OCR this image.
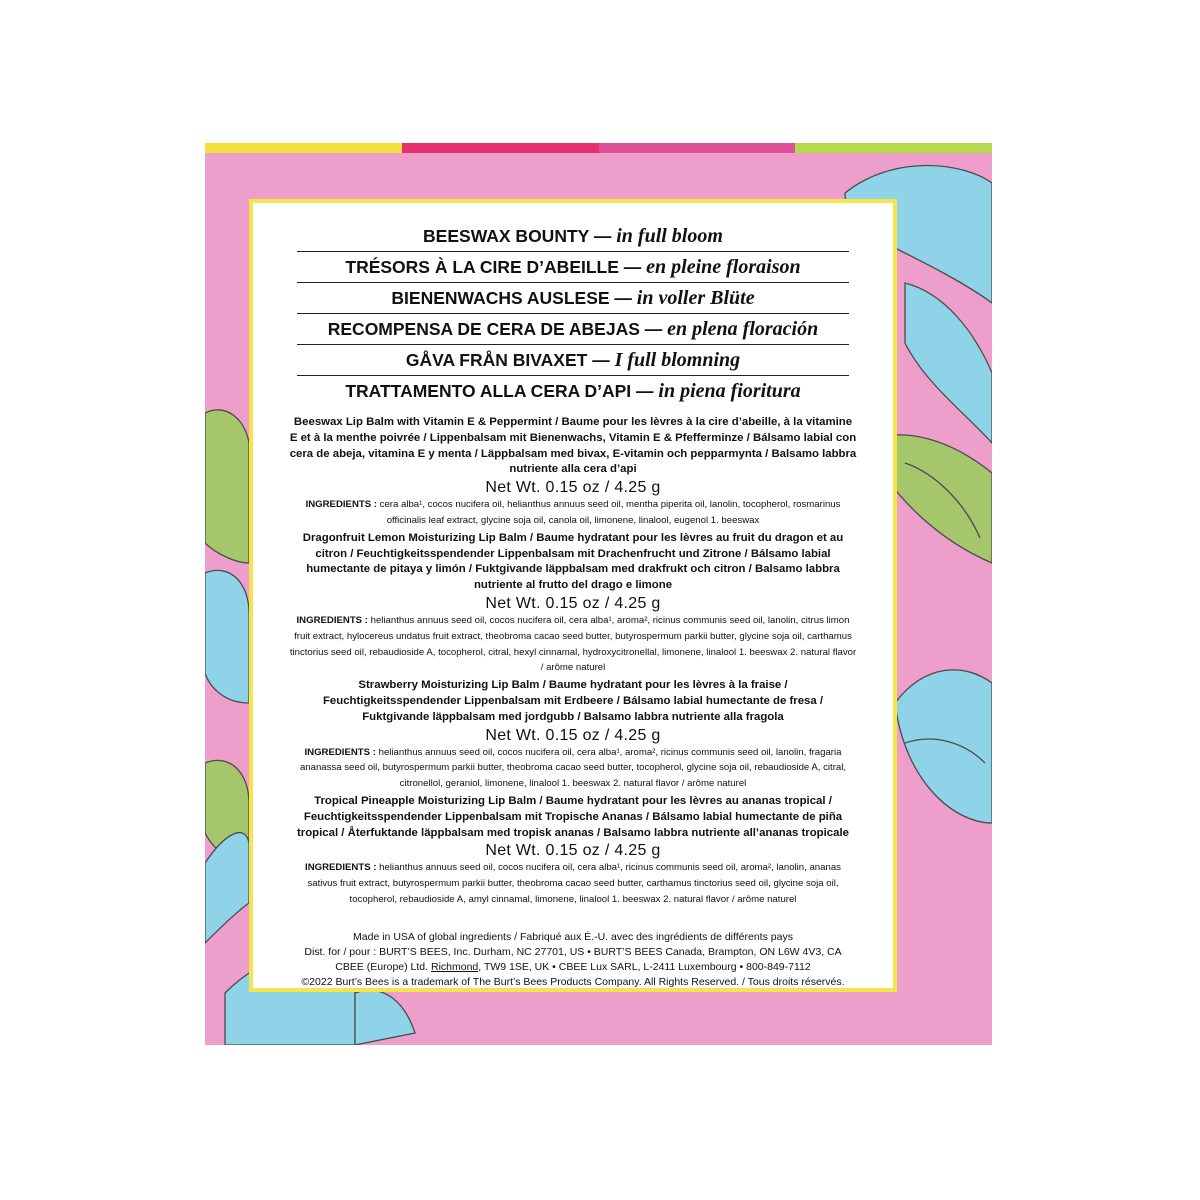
BEESWAX BOUNTY — in full bloom
TRÉSORS À LA CIRE D’ABEILLE — en pleine floraison
BIENENWACHS AUSLESE — in voller Blüte
RECOMPENSA DE CERA DE ABEJAS — en plena floración
GÅVA FRÅN BIVAXET — I full blomning
TRATTAMENTO ALLA CERA D’API — in piena fioritura
Beeswax Lip Balm with Vitamin E & Peppermint / Baume pour les lèvres à la cire d’abeille, à la vitamine E et à la menthe poivrée / Lippenbalsam mit Bienenwachs, Vitamin E & Pfefferminze / Bálsamo labial con cera de abeja, vitamina E y menta / Läppbalsam med bivax, E-vitamin och pepparmynta / Balsamo labbra nutriente alla cera d’api
Net Wt. 0.15 oz / 4.25 g
INGREDIENTS : cera alba¹, cocos nucifera oil, helianthus annuus seed oil, mentha piperita oil, lanolin, tocopherol, rosmarinus officinalis leaf extract, glycine soja oil, canola oil, limonene, linalool, eugenol 1. beeswax
Dragonfruit Lemon Moisturizing Lip Balm / Baume hydratant pour les lèvres au fruit du dragon et au citron / Feuchtigkeitsspendender Lippenbalsam mit Drachenfrucht und Zitrone / Bálsamo labial humectante de pitaya y limón / Fuktgivande läppbalsam med drakfrukt och citron / Balsamo labbra nutriente al frutto del drago e limone
Net Wt. 0.15 oz / 4.25 g
INGREDIENTS : helianthus annuus seed oil, cocos nucifera oil, cera alba¹, aroma², ricinus communis seed oil, lanolin, citrus limon fruit extract, hylocereus undatus fruit extract, theobroma cacao seed butter, butyrospermum parkii butter, glycine soja oil, carthamus tinctorius seed oil, rebaudioside A, tocopherol, citral, hexyl cinnamal, hydroxycitronellal, limonene, linalool 1. beeswax 2. natural flavor / arôme naturel
Strawberry Moisturizing Lip Balm / Baume hydratant pour les lèvres à la fraise / Feuchtigkeitsspendender Lippenbalsam mit Erdbeere / Bálsamo labial humectante de fresa / Fuktgivande läppbalsam med jordgubb / Balsamo labbra nutriente alla fragola
Net Wt. 0.15 oz / 4.25 g
INGREDIENTS : helianthus annuus seed oil, cocos nucifera oil, cera alba¹, aroma², ricinus communis seed oil, lanolin, fragaria ananassa seed oil, butyrospermum parkii butter, theobroma cacao seed butter, tocopherol, glycine soja oil, rebaudioside A, citral, citronellol, geraniol, limonene, linalool 1. beeswax 2. natural flavor / arôme naturel
Tropical Pineapple Moisturizing Lip Balm / Baume hydratant pour les lèvres au ananas tropical / Feuchtigkeitsspendender Lippenbalsam mit Tropische Ananas / Bálsamo labial humectante de piña tropical / Återfuktande läppbalsam med tropisk ananas / Balsamo labbra nutriente all’ananas tropicale
Net Wt. 0.15 oz / 4.25 g
INGREDIENTS : helianthus annuus seed oil, cocos nucifera oil, cera alba¹, ricinus communis seed oil, aroma², lanolin, ananas sativus fruit extract, butyrospermum parkii butter, theobroma cacao seed butter, carthamus tinctorius seed oil, glycine soja oil, tocopherol, rebaudioside A, amyl cinnamal, limonene, linalool 1. beeswax 2. natural flavor / arôme naturel
Made in USA of global ingredients / Fabriqué aux É.-U. avec des ingrédients de différents pays
Dist. for / pour : BURT’S BEES, Inc. Durham, NC 27701, US • BURT’S BEES Canada, Brampton, ON L6W 4V3, CA
CBEE (Europe) Ltd. Richmond, TW9 1SE, UK • CBEE Lux SARL, L-2411 Luxembourg • 800-849-7112
©2022 Burt’s Bees is a trademark of The Burt’s Bees Products Company. All Rights Reserved. / Tous droits réservés.
